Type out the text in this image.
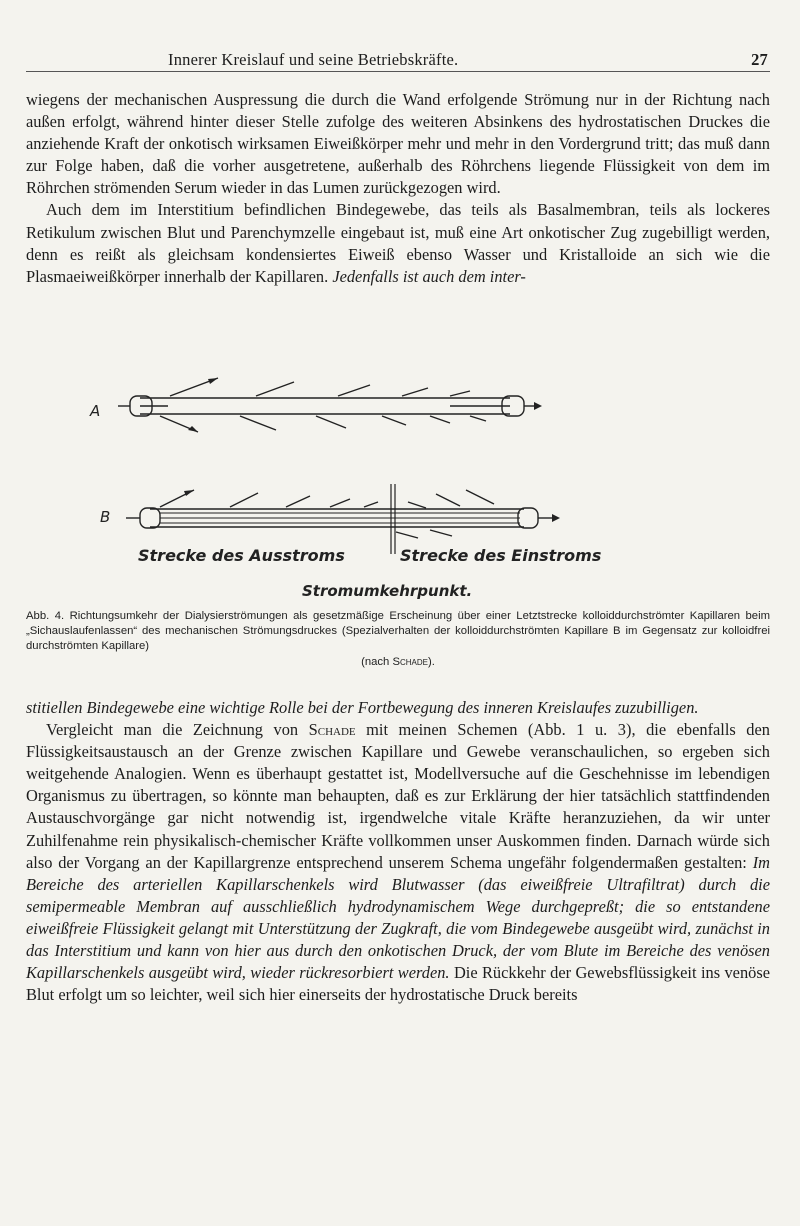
Innerer Kreislauf und seine Betriebskräfte.	27

wiegens der mechanischen Auspressung die durch die Wand erfolgende Strömung nur in der Richtung nach außen erfolgt, während hinter dieser Stelle zufolge des weiteren Absinkens des hydrostatischen Druckes die anziehende Kraft der onkotisch wirksamen Eiweißkörper mehr und mehr in den Vordergrund tritt; das muß dann zur Folge haben, daß die vorher ausgetretene, außerhalb des Röhrchens liegende Flüssigkeit von dem im Röhrchen strömenden Serum wieder in das Lumen zurückgezogen wird.

Auch dem im Interstitium befindlichen Bindegewebe, das teils als Basalmembran, teils als lockeres Retikulum zwischen Blut und Parenchymzelle eingebaut ist, muß eine Art onkotischer Zug zugebilligt werden, denn es reißt als gleichsam kondensiertes Eiweiß ebenso Wasser und Kristalloide an sich wie die Plasmaeiweißkörper innerhalb der Kapillaren. Jedenfalls ist auch dem inter-

A
B
Strecke des Ausstroms	Strecke des Einstroms
Stromumkehrpunkt.
Abb. 4. Richtungsumkehr der Dialysierströmungen als gesetzmäßige Erscheinung über einer Letztstrecke kolloiddurchströmter Kapillaren beim „Sichauslaufenlassen“ des mechanischen Strömungsdruckes (Spezialverhalten der kolloiddurchströmten Kapillare B im Gegensatz zur kolloidfrei durchströmten Kapillare)
(nach Schade).

stitiellen Bindegewebe eine wichtige Rolle bei der Fortbewegung des inneren Kreislaufes zuzubilligen.

Vergleicht man die Zeichnung von Schade mit meinen Schemen (Abb. 1 u. 3), die ebenfalls den Flüssigkeitsaustausch an der Grenze zwischen Kapillare und Gewebe veranschaulichen, so ergeben sich weitgehende Analogien. Wenn es überhaupt gestattet ist, Modellversuche auf die Geschehnisse im lebendigen Organismus zu übertragen, so könnte man behaupten, daß es zur Erklärung der hier tatsächlich stattfindenden Austauschvorgänge gar nicht notwendig ist, irgendwelche vitale Kräfte heranzuziehen, da wir unter Zuhilfenahme rein physikalisch-chemischer Kräfte vollkommen unser Auskommen finden. Darnach würde sich also der Vorgang an der Kapillargrenze entsprechend unserem Schema ungefähr folgendermaßen gestalten: Im Bereiche des arteriellen Kapillarschenkels wird Blutwasser (das eiweißfreie Ultrafiltrat) durch die semipermeable Membran auf ausschließlich hydrodynamischem Wege durchgepreßt; die so entstandene eiweißfreie Flüssigkeit gelangt mit Unterstützung der Zugkraft, die vom Bindegewebe ausgeübt wird, zunächst in das Interstitium und kann von hier aus durch den onkotischen Druck, der vom Blute im Bereiche des venösen Kapillarschenkels ausgeübt wird, wieder rückresorbiert werden. Die Rückkehr der Gewebsflüssigkeit ins venöse Blut erfolgt um so leichter, weil sich hier einerseits der hydrostatische Druck bereits
